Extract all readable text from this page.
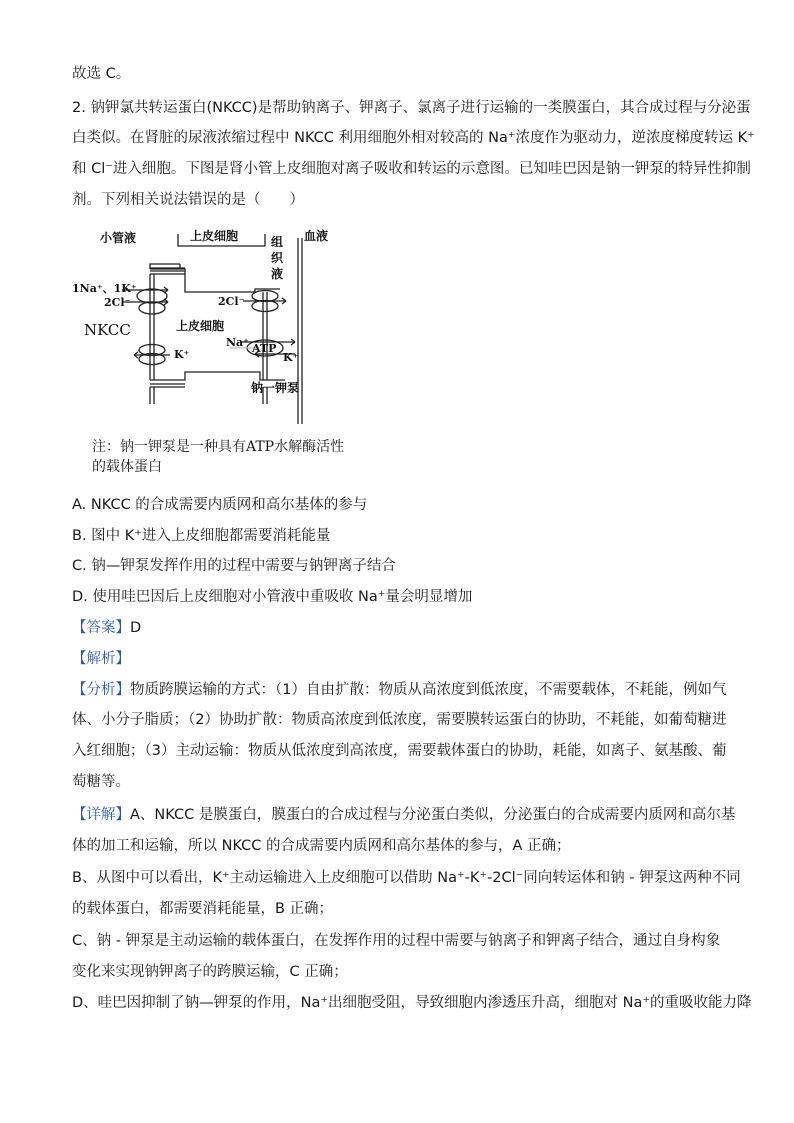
故选 C。
2. 钠钾氯共转运蛋白(NKCC)是帮助钠离子、钾离子、氯离子进行运输的一类膜蛋白，其合成过程与分泌蛋
白类似。在肾脏的尿液浓缩过程中 NKCC 利用细胞外相对较高的 Na⁺浓度作为驱动力，逆浓度梯度转运 K⁺
和 Cl⁻进入细胞。下图是肾小管上皮细胞对离子吸收和转运的示意图。已知哇巴因是钠一钾泵的特异性抑制
剂。下列相关说法错误的是（　　）
小管液	上皮细胞	组
织
液
血液
1Na⁺、1K⁺
2Cl⁻
NKCC	上皮细胞
K⁺
2Cl⁻
Na⁺ ATP
K⁺
钠一钾泵
注：钠一钾泵是一种具有ATP水解酶活性
的载体蛋白
A. NKCC 的合成需要内质网和高尔基体的参与
B. 图中 K⁺进入上皮细胞都需要消耗能量
C. 钠—钾泵发挥作用的过程中需要与钠钾离子结合
D. 使用哇巴因后上皮细胞对小管液中重吸收 Na⁺量会明显增加
【答案】D
【解析】
【分析】物质跨膜运输的方式：（1）自由扩散：物质从高浓度到低浓度，不需要载体，不耗能，例如气
体、小分子脂质；（2）协助扩散：物质高浓度到低浓度，需要膜转运蛋白的协助，不耗能，如葡萄糖进
入红细胞；（3）主动运输：物质从低浓度到高浓度，需要载体蛋白的协助，耗能，如离子、氨基酸、葡
萄糖等。
【详解】A、NKCC 是膜蛋白，膜蛋白的合成过程与分泌蛋白类似，分泌蛋白的合成需要内质网和高尔基
体的加工和运输，所以 NKCC 的合成需要内质网和高尔基体的参与，A 正确；
B、从图中可以看出，K⁺主动运输进入上皮细胞可以借助 Na⁺-K⁺-2Cl⁻同向转运体和钠 - 钾泵这两种不同
的载体蛋白，都需要消耗能量，B 正确；
C、钠 - 钾泵是主动运输的载体蛋白，在发挥作用的过程中需要与钠离子和钾离子结合，通过自身构象
变化来实现钠钾离子的跨膜运输，C 正确；
D、哇巴因抑制了钠—钾泵的作用，Na⁺出细胞受阻，导致细胞内渗透压升高，细胞对 Na⁺的重吸收能力降
